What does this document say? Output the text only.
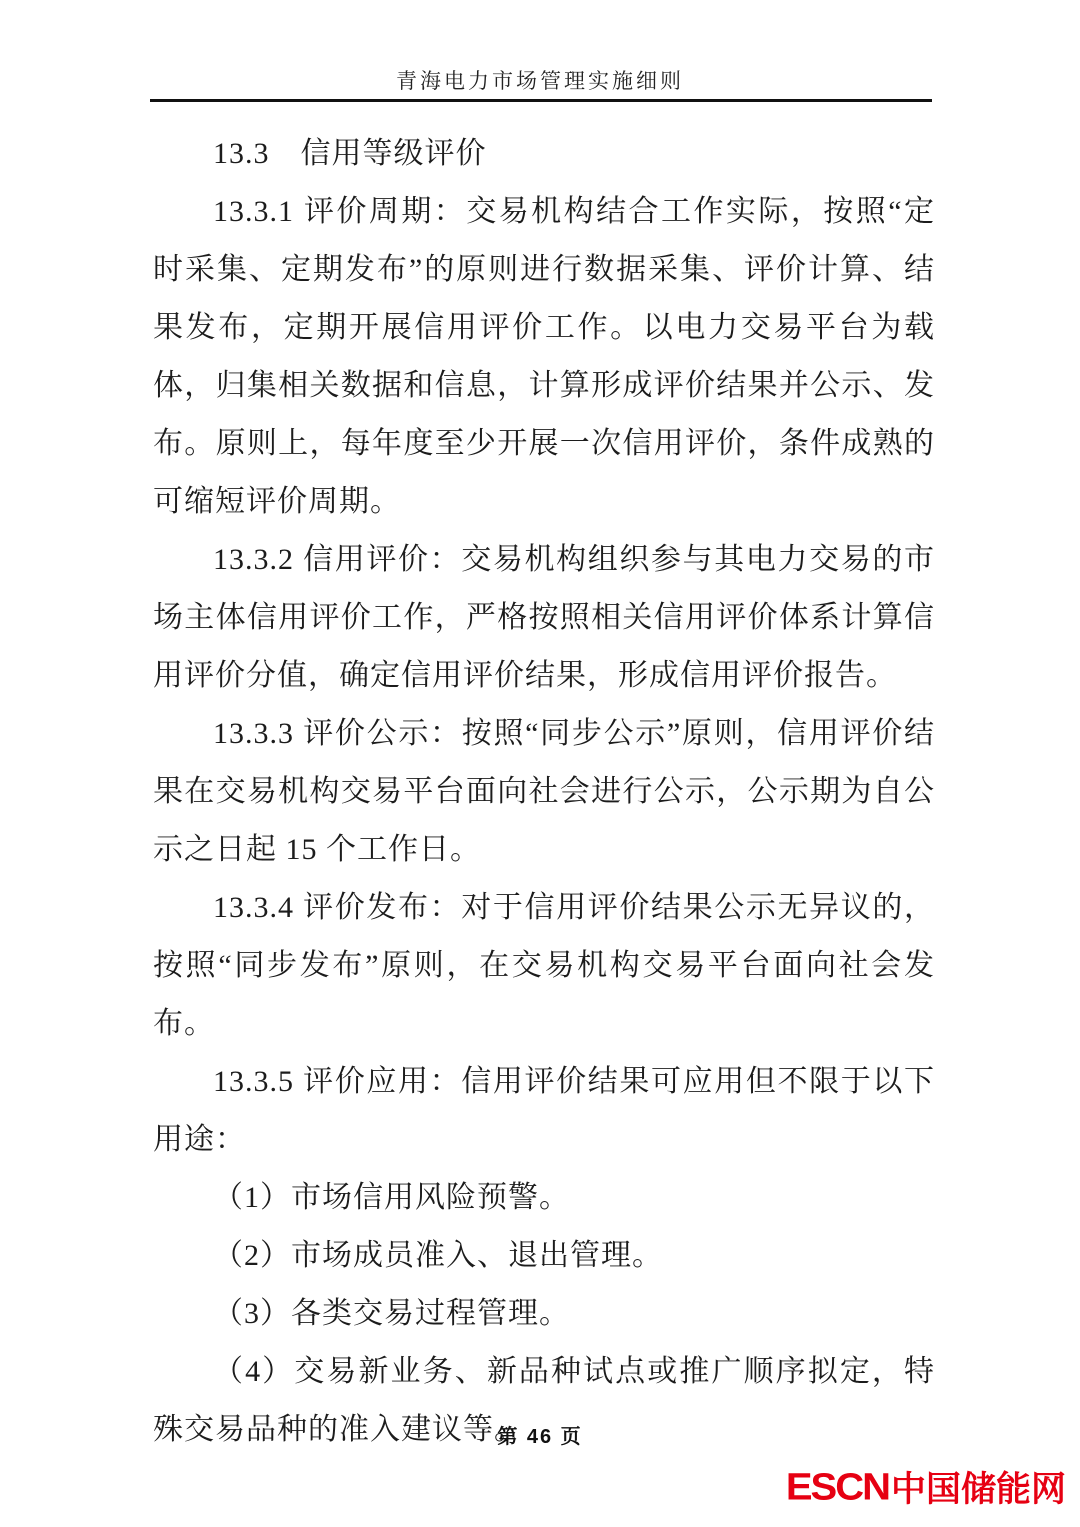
青海电力市场管理实施细则

13.3　信用等级评价

13.3.1 评价周期：交易机构结合工作实际，按照“定时采集、定期发布”的原则进行数据采集、评价计算、结果发布，定期开展信用评价工作。以电力交易平台为载体，归集相关数据和信息，计算形成评价结果并公示、发布。原则上，每年度至少开展一次信用评价，条件成熟的可缩短评价周期。

13.3.2 信用评价：交易机构组织参与其电力交易的市场主体信用评价工作，严格按照相关信用评价体系计算信用评价分值，确定信用评价结果，形成信用评价报告。

13.3.3 评价公示：按照“同步公示”原则，信用评价结果在交易机构交易平台面向社会进行公示，公示期为自公示之日起 15 个工作日。

13.3.4 评价发布：对于信用评价结果公示无异议的，按照“同步发布”原则，在交易机构交易平台面向社会发布。

13.3.5 评价应用：信用评价结果可应用但不限于以下用途：

（1）市场信用风险预警。

（2）市场成员准入、退出管理。

（3）各类交易过程管理。

（4）交易新业务、新品种试点或推广顺序拟定，特殊交易品种的准入建议等。

第 46 页
ESCN 中国储能网
